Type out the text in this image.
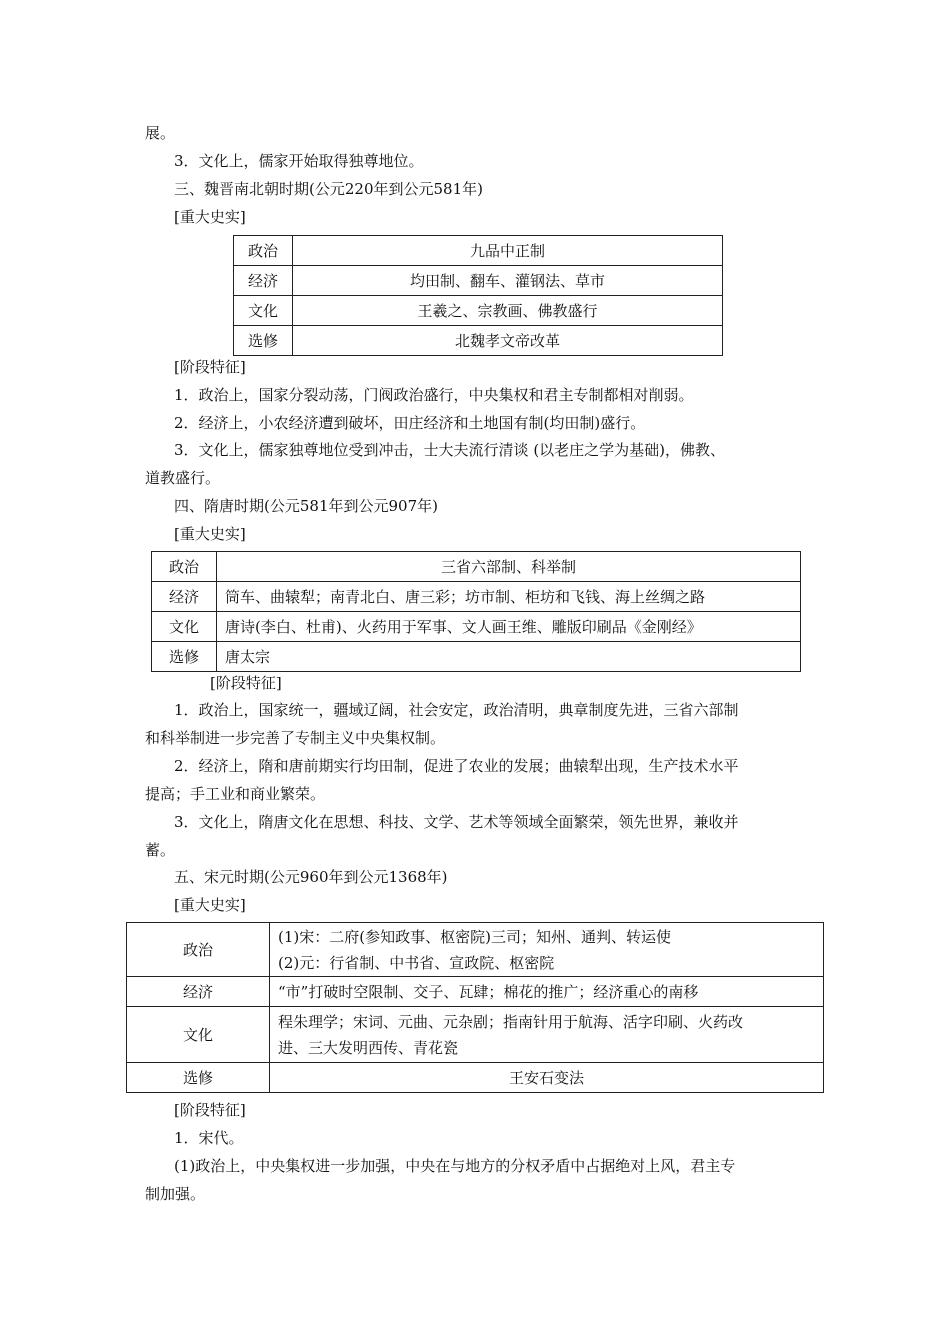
展。
3．文化上，儒家开始取得独尊地位。
三、魏晋南北朝时期(公元220年到公元581年)
[重大史实]
政治	九品中正制
经济	均田制、翻车、灌钢法、草市
文化	王羲之、宗教画、佛教盛行
选修	北魏孝文帝改革
[阶段特征]
1．政治上，国家分裂动荡，门阀政治盛行，中央集权和君主专制都相对削弱。
2．经济上，小农经济遭到破坏，田庄经济和土地国有制(均田制)盛行。
3．文化上，儒家独尊地位受到冲击，士大夫流行清谈 (以老庄之学为基础)，佛教、
道教盛行。
四、隋唐时期(公元581年到公元907年)
[重大史实]
政治	三省六部制、科举制
经济	筒车、曲辕犁；南青北白、唐三彩；坊市制、柜坊和飞钱、海上丝绸之路
文化	唐诗(李白、杜甫)、火药用于军事、文人画王维、雕版印刷品《金刚经》
选修	唐太宗
[阶段特征]
1．政治上，国家统一，疆域辽阔，社会安定，政治清明，典章制度先进，三省六部制
和科举制进一步完善了专制主义中央集权制。
2．经济上，隋和唐前期实行均田制，促进了农业的发展；曲辕犁出现，生产技术水平
提高；手工业和商业繁荣。
3．文化上，隋唐文化在思想、科技、文学、艺术等领域全面繁荣，领先世界，兼收并
蓄。
五、宋元时期(公元960年到公元1368年)
[重大史实]
政治	(1)宋：二府(参知政事、枢密院)三司；知州、通判、转运使
(2)元：行省制、中书省、宣政院、枢密院

经济	“市”打破时空限制、交子、瓦肆；棉花的推广；经济重心的南移
文化	程朱理学；宋词、元曲、元杂剧；指南针用于航海、活字印刷、火药改
进、三大发明西传、青花瓷

选修	王安石变法
[阶段特征]
1．宋代。
(1)政治上，中央集权进一步加强，中央在与地方的分权矛盾中占据绝对上风，君主专
制加强。
